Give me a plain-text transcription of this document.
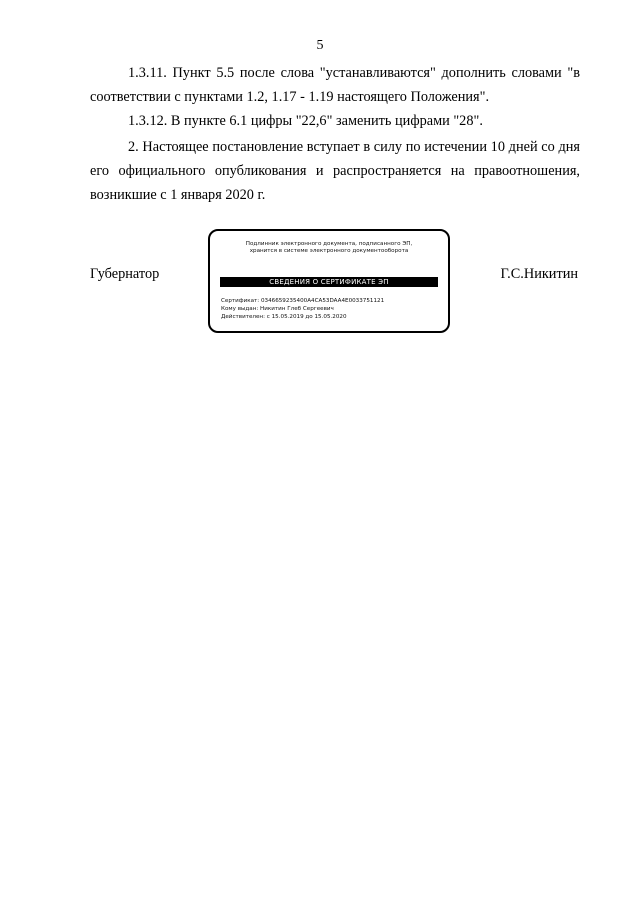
5
1.3.11. Пункт 5.5 после слова "устанавливаются" дополнить словами "в соответствии с пунктами 1.2, 1.17 - 1.19 настоящего Положения".
1.3.12. В пункте 6.1 цифры "22,6" заменить цифрами "28".
2. Настоящее постановление вступает в силу по истечении 10 дней со дня его официального опубликования и распространяется на правоотношения, возникшие с 1 января 2020 г.
Губернатор
Подлинник электронного документа, подписанного ЭП,
хранится в системе электронного документооборота
СВЕДЕНИЯ О СЕРТИФИКАТЕ ЭП
Сертификат: 0346659235400A4CA53DAA4E0033751121
Кому выдан: Никитин Глеб Сергеевич
Действителен: с 15.05.2019 до 15.05.2020
Г.С.Никитин
